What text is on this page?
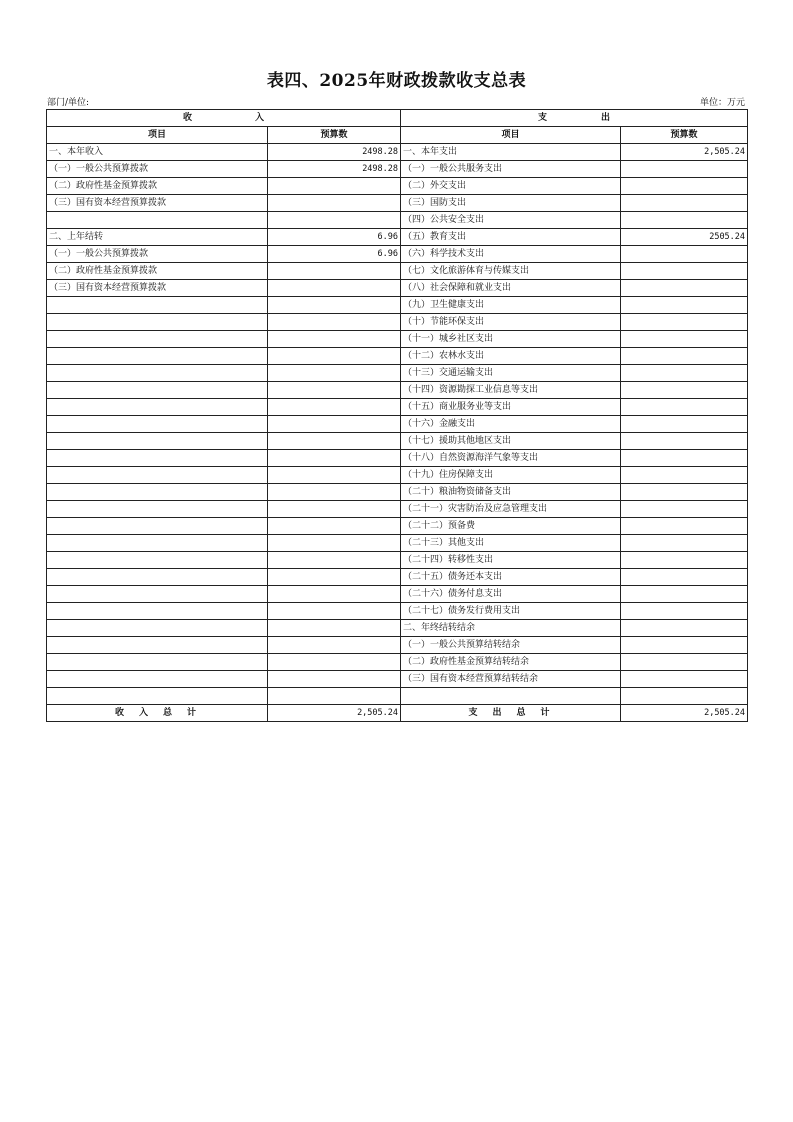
表四、2025年财政拨款收支总表
部门/单位:	单位：万元
收　　　　　　　入		支　　　　　　出	
项目	预算数	项目	预算数
一、本年收入	2498.28	一、本年支出	2,505.24
（一）一般公共预算拨款	2498.28	（一）一般公共服务支出	
（二）政府性基金预算拨款		（二）外交支出	
（三）国有资本经营预算拨款		（三）国防支出	
		（四）公共安全支出	
二、上年结转	6.96	（五）教育支出	2505.24
（一）一般公共预算拨款	6.96	（六）科学技术支出	
（二）政府性基金预算拨款		（七）文化旅游体育与传媒支出	
（三）国有资本经营预算拨款		（八）社会保障和就业支出	
		（九）卫生健康支出	
		（十）节能环保支出	
		（十一）城乡社区支出	
		（十二）农林水支出	
		（十三）交通运输支出	
		（十四）资源勘探工业信息等支出	
		（十五）商业服务业等支出	
		（十六）金融支出	
		（十七）援助其他地区支出	
		（十八）自然资源海洋气象等支出	
		（十九）住房保障支出	
		（二十）粮油物资储备支出	
		（二十一）灾害防治及应急管理支出	
		（二十二）预备费	
		（二十三）其他支出	
		（二十四）转移性支出	
		（二十五）债务还本支出	
		（二十六）债务付息支出	
		（二十七）债务发行费用支出	
		二、年终结转结余	
		（一）一般公共预算结转结余	
		（二）政府性基金预算结转结余	
		（三）国有资本经营预算结转结余	

收　入　总　计	2,505.24	支　出　总　计	2,505.24
